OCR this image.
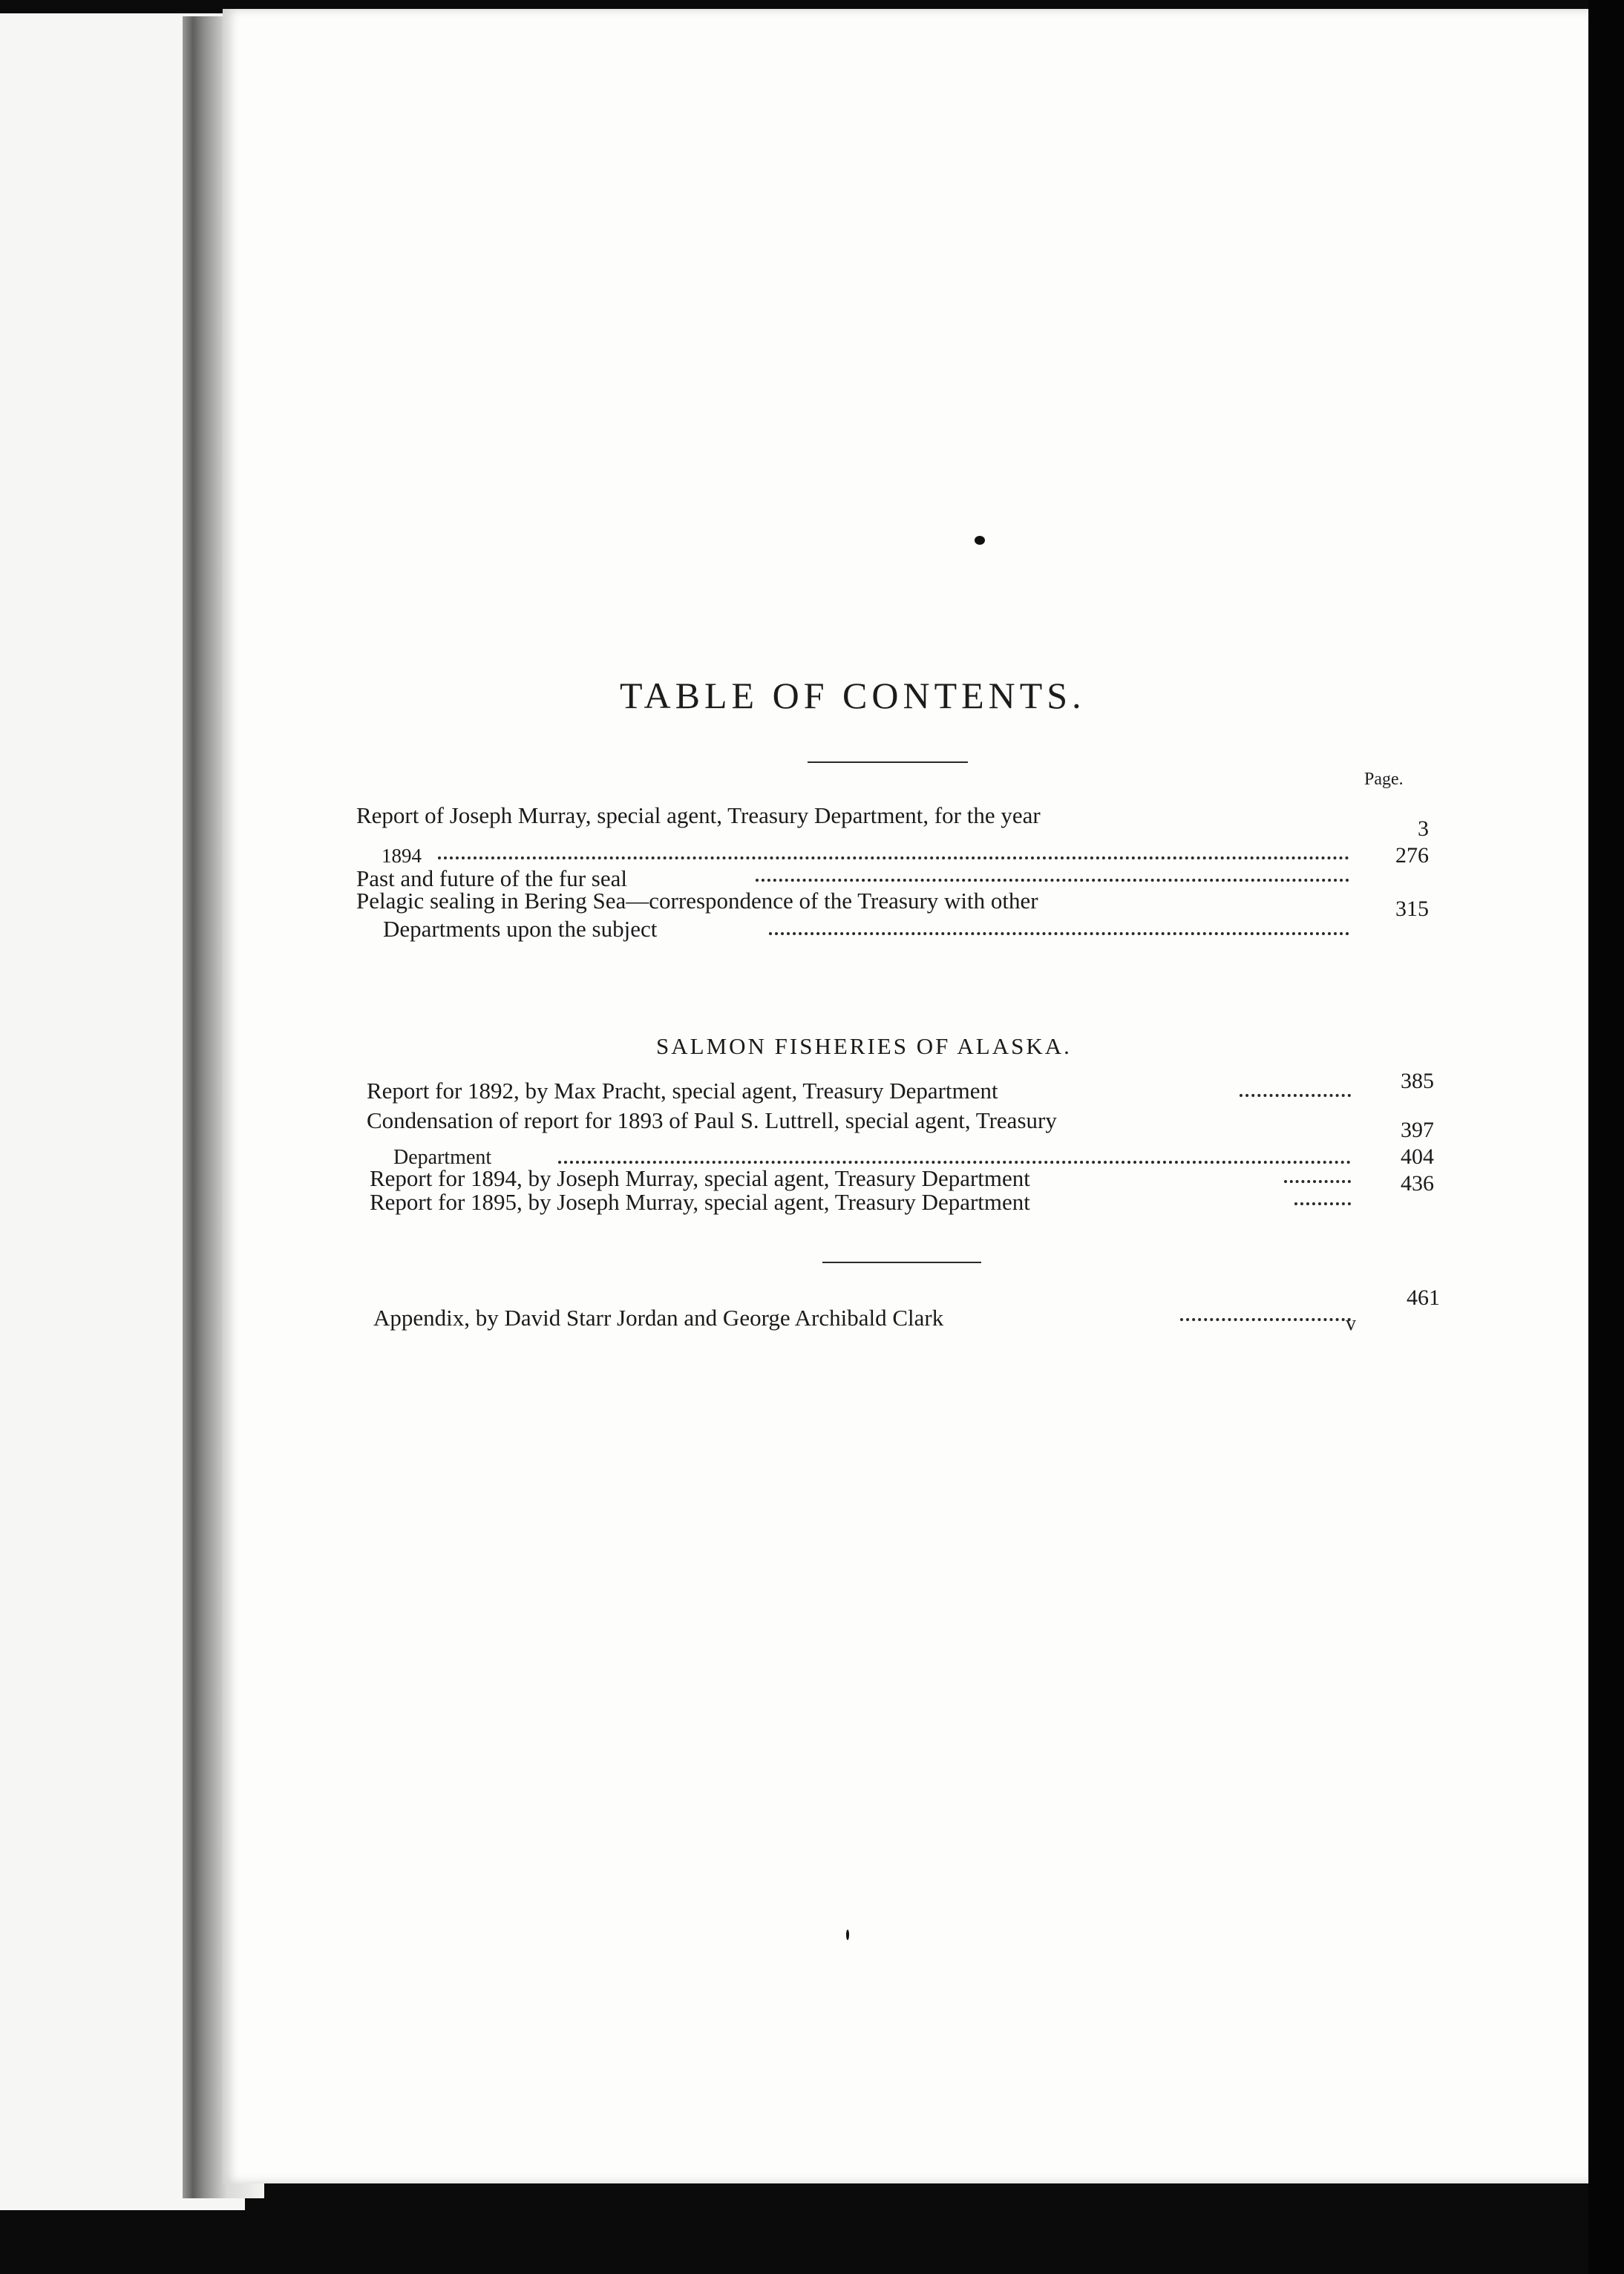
TABLE OF CONTENTS.
Page.
Report of Joseph Murray, special agent, Treasury Department, for the year
1894
3
Past and future of the fur seal
276
Pelagic sealing in Bering Sea—correspondence of the Treasury with other
Departments upon the subject
315
SALMON FISHERIES OF ALASKA.
Report for 1892, by Max Pracht, special agent, Treasury Department	385
Condensation of report for 1893 of Paul S. Luttrell, special agent, Treasury
Department
397
Report for 1894, by Joseph Murray, special agent, Treasury Department
404
Report for 1895, by Joseph Murray, special agent, Treasury Department
436
Appendix, by David Starr Jordan and George Archibald Clark
461
v
